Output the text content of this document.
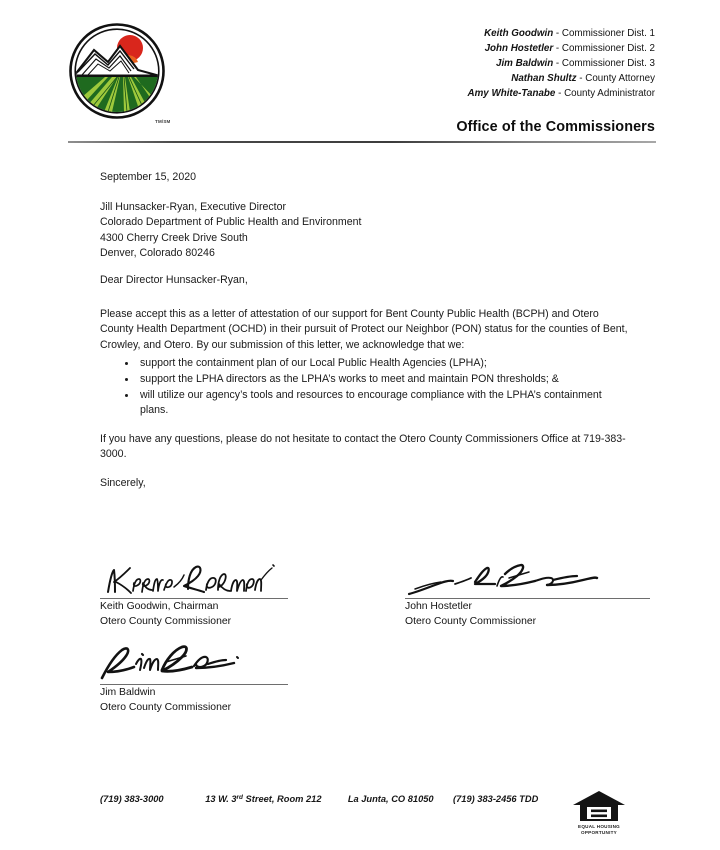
TM/SM
Keith Goodwin - Commissioner Dist. 1
John Hostetler - Commissioner Dist. 2
Jim Baldwin - Commissioner Dist. 3
Nathan Shultz - County Attorney
Amy White-Tanabe - County Administrator
Office of the Commissioners
September 15, 2020
Jill Hunsacker-Ryan, Executive Director
Colorado Department of Public Health and Environment
4300 Cherry Creek Drive South
Denver, Colorado 80246
Dear Director Hunsacker-Ryan,
Please accept this as a letter of attestation of our support for Bent County Public Health (BCPH) and Otero County Health Department (OCHD) in their pursuit of Protect our Neighbor (PON) status for the counties of Bent, Crowley, and Otero. By our submission of this letter, we acknowledge that we:
support the containment plan of our Local Public Health Agencies (LPHA);
support the LPHA directors as the LPHA’s works to meet and maintain PON thresholds; &
will utilize our agency’s tools and resources to encourage compliance with the LPHA’s containment plans.
If you have any questions, please do not hesitate to contact the Otero County Commissioners Office at 719-383-3000.
Sincerely,
Keith Goodwin, Chairman
Otero County Commissioner
John Hostetler
Otero County Commissioner
Jim Baldwin
Otero County Commissioner
(719) 383-3000	13 W. 3rd Street, Room 212	La Junta, CO 81050	(719) 383-2456 TDD
EQUAL HOUSING
OPPORTUNITY
